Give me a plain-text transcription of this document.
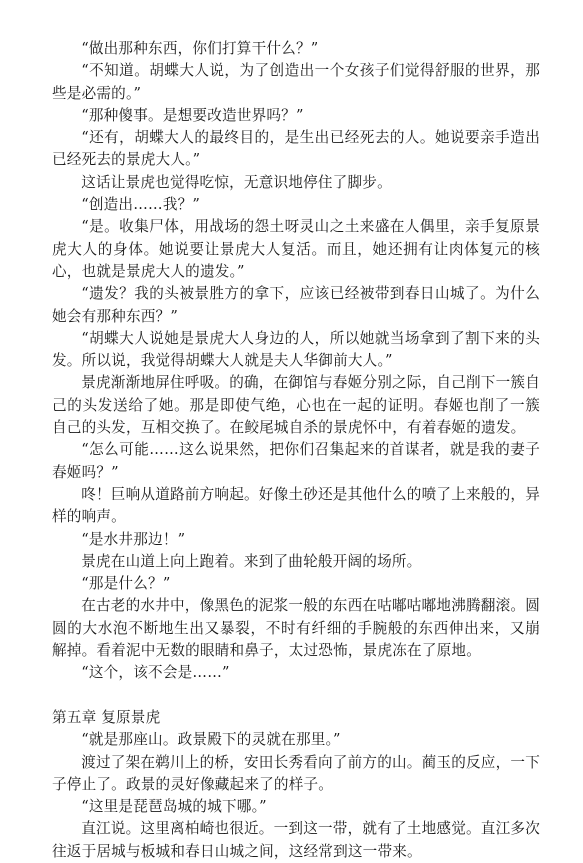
“做出那种东西，你们打算干什么？”

“不知道。胡蝶大人说，为了创造出一个女孩子们觉得舒服的世界，那些是必需的。”

“那种傻事。是想要改造世界吗？”

“还有，胡蝶大人的最终目的，是生出已经死去的人。她说要亲手造出已经死去的景虎大人。”

这话让景虎也觉得吃惊，无意识地停住了脚步。

“创造出……我？”

“是。收集尸体，用战场的怨土呀灵山之土来盛在人偶里，亲手复原景虎大人的身体。她说要让景虎大人复活。而且，她还拥有让肉体复元的核心，也就是景虎大人的遗发。”

“遗发？我的头被景胜方的拿下，应该已经被带到春日山城了。为什么她会有那种东西？”

“胡蝶大人说她是景虎大人身边的人，所以她就当场拿到了割下来的头发。所以说，我觉得胡蝶大人就是夫人华御前大人。”

景虎渐渐地屏住呼吸。的确，在御馆与春姬分别之际，自己削下一簇自己的头发送给了她。那是即使气绝，心也在一起的证明。春姬也削了一簇自己的头发，互相交换了。在鲛尾城自杀的景虎怀中，有着春姬的遗发。

“怎么可能……这么说果然，把你们召集起来的首谋者，就是我的妻子春姬吗？”

咚！巨响从道路前方响起。好像土砂还是其他什么的喷了上来般的，异样的响声。

“是水井那边！”

景虎在山道上向上跑着。来到了曲轮般开阔的场所。

“那是什么？”

在古老的水井中，像黑色的泥浆一般的东西在咕嘟咕嘟地沸腾翻滚。圆圆的大水泡不断地生出又暴裂，不时有纤细的手腕般的东西伸出来，又崩解掉。看着泥中无数的眼睛和鼻子，太过恐怖，景虎冻在了原地。

“这个，该不会是……”

第五章 复原景虎

“就是那座山。政景殿下的灵就在那里。”

渡过了架在鹈川上的桥，安田长秀看向了前方的山。蔺玉的反应，一下子停止了。政景的灵好像藏起来了的样子。

“这里是琵琶岛城的城下哪。”

直江说。这里离柏崎也很近。一到这一带，就有了土地感觉。直江多次往返于居城与板城和春日山城之间，这经常到这一带来。
